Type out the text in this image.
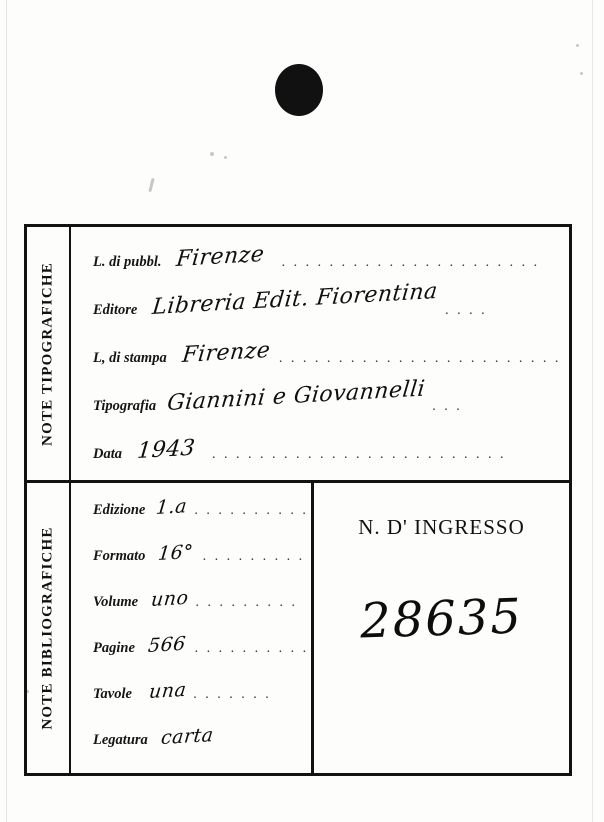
NOTE TIPOGRAFICHE	L. di pubbl. Firenze . . . . . . . . . . . . . . . . . . . . . .
Editore Libreria Edit. Fiorentina . . . .
L, di stampa Firenze . . . . . . . . . . . . . . . . . . . . . . . .
Tipografia Giannini e Giovannelli . . .
Data 1943 . . . . . . . . . . . . . . . . . . . . . . . . .
NOTE BIBLIOGRAFICHE
Edizione 1.a . . . . . . . . . .
Formato 16° . . . . . . . . .
Volume uno . . . . . . . . .
Pagine 566 . . . . . . . . . .
Tavole una . . . . . . .
Legatura carta
N. D' INGRESSO
28635
